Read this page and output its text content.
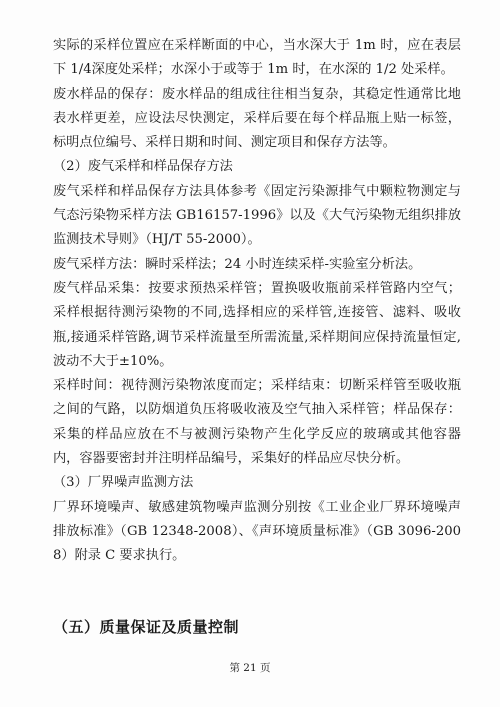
实际的采样位置应在采样断面的中心，当水深大于 1m 时，应在表层下 1/4深度处采样；水深小于或等于 1m 时，在水深的 1/2 处采样。

废水样品的保存：废水样品的组成往往相当复杂，其稳定性通常比地表水样更差，应设法尽快测定，采样后要在每个样品瓶上贴一标签，标明点位编号、采样日期和时间、测定项目和保存方法等。

（2）废气采样和样品保存方法

废气采样和样品保存方法具体参考《固定污染源排气中颗粒物测定与气态污染物采样方法 GB16157-1996》以及《大气污染物无组织排放监测技术导则》（HJ/T 55-2000）。

废气采样方法：瞬时采样法；24 小时连续采样-实验室分析法。

废气样品采集：按要求预热采样管；置换吸收瓶前采样管路内空气；采样根据待测污染物的不同,选择相应的采样管,连接管、滤料、吸收瓶,接通采样管路,调节采样流量至所需流量,采样期间应保持流量恒定,波动不大于±10%。

采样时间：视待测污染物浓度而定；采样结束：切断采样管至吸收瓶之间的气路，以防烟道负压将吸收液及空气抽入采样管；样品保存：采集的样品应放在不与被测污染物产生化学反应的玻璃或其他容器内，容器要密封并注明样品编号，采集好的样品应尽快分析。

（3）厂界噪声监测方法

厂界环境噪声、敏感建筑物噪声监测分别按《工业企业厂界环境噪声排放标准》（GB 12348-2008）、《声环境质量标准》（GB 3096-2008）附录 C 要求执行。

（五）质量保证及质量控制
第 21 页
